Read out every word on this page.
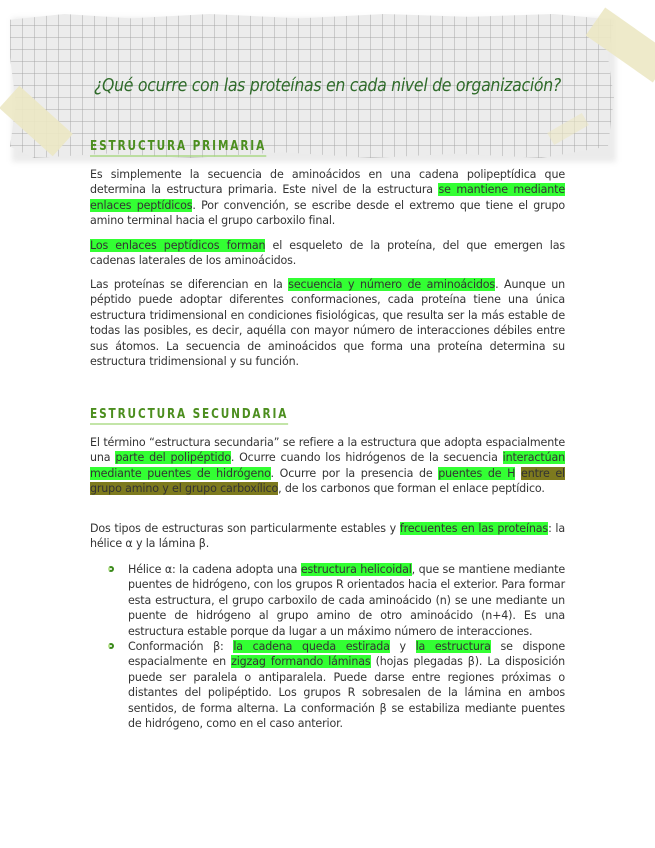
¿Qué ocurre con las proteínas en cada nivel de organización?
ESTRUCTURA PRIMARIA

Es simplemente la secuencia de aminoácidos en una cadena polipeptídica que determina la estructura primaria. Este nivel de la estructura se mantiene mediante enlaces peptídicos. Por convención, se escribe desde el extremo que tiene el grupo amino terminal hacia el grupo carboxilo final.

Los enlaces peptídicos forman el esqueleto de la proteína, del que emergen las cadenas laterales de los aminoácidos.

Las proteínas se diferencian en la secuencia y número de aminoácidos. Aunque un péptido puede adoptar diferentes conformaciones, cada proteína tiene una única estructura tridimensional en condiciones fisiológicas, que resulta ser la más estable de todas las posibles, es decir, aquélla con mayor número de interacciones débiles entre sus átomos. La secuencia de aminoácidos que forma una proteína determina su estructura tridimensional y su función.

ESTRUCTURA SECUNDARIA

El término “estructura secundaria” se refiere a la estructura que adopta espacialmente una parte del polipéptido. Ocurre cuando los hidrógenos de la secuencia interactúan mediante puentes de hidrógeno. Ocurre por la presencia de puentes de H entre el grupo amino y el grupo carboxílico, de los carbonos que forman el enlace peptídico.

Dos tipos de estructuras son particularmente estables y frecuentes en las proteínas: la hélice α y la lámina β.

Hélice α: la cadena adopta una estructura helicoidal, que se mantiene mediante puentes de hidrógeno, con los grupos R orientados hacia el exterior. Para formar esta estructura, el grupo carboxilo de cada aminoácido (n) se une mediante un puente de hidrógeno al grupo amino de otro aminoácido (n+4). Es una estructura estable porque da lugar a un máximo número de interacciones.
Conformación β: la cadena queda estirada y la estructura se dispone espacialmente en zigzag formando láminas (hojas plegadas β). La disposición puede ser paralela o antiparalela. Puede darse entre regiones próximas o distantes del polipéptido. Los grupos R sobresalen de la lámina en ambos sentidos, de forma alterna. La conformación β se estabiliza mediante puentes de hidrógeno, como en el caso anterior.
